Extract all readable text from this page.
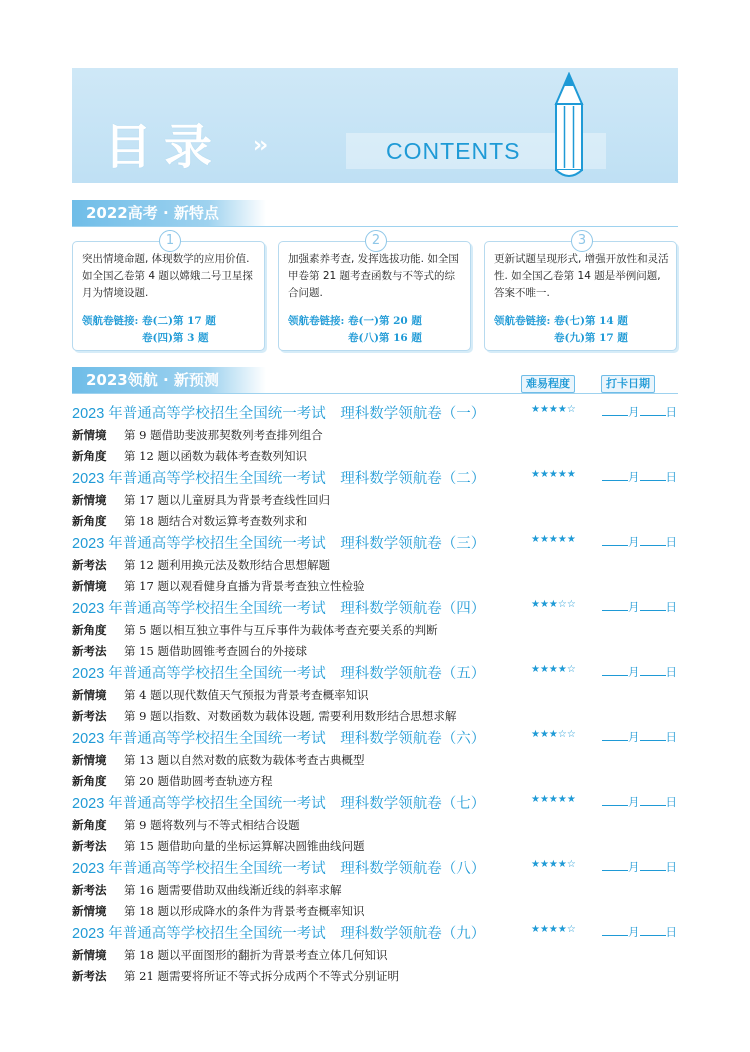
目录 ››	CONTENTS
2022高考 · 新特点
1
突出情境命题, 体现数学的应用价值. 如全国乙卷第 4 题以嫦娥二号卫星探月为情境设题.
领航卷链接: 卷(二)第 17 题
卷(四)第 3 题
2
加强素养考查, 发挥选拔功能. 如全国甲卷第 21 题考查函数与不等式的综合问题.
领航卷链接: 卷(一)第 20 题
卷(八)第 16 题
3
更新试题呈现形式, 增强开放性和灵活性. 如全国乙卷第 14 题是举例问题, 答案不唯一.
领航卷链接: 卷(七)第 14 题
卷(九)第 17 题
2023领航 · 新预测	难易程度	打卡日期
2023 年普通高等学校招生全国统一考试　理科数学领航卷（一）	★★★★☆	月 日
新情境 第 9 题借助斐波那契数列考查排列组合
新角度 第 12 题以函数为载体考查数列知识
2023 年普通高等学校招生全国统一考试　理科数学领航卷（二）	★★★★★	月 日
新情境 第 17 题以儿童厨具为背景考查线性回归
新角度 第 18 题结合对数运算考查数列求和
2023 年普通高等学校招生全国统一考试　理科数学领航卷（三）	★★★★★	月 日
新考法 第 12 题利用换元法及数形结合思想解题
新情境 第 17 题以观看健身直播为背景考查独立性检验
2023 年普通高等学校招生全国统一考试　理科数学领航卷（四）	★★★☆☆	月 日
新角度 第 5 题以相互独立事件与互斥事件为载体考查充要关系的判断
新考法 第 15 题借助圆锥考查圆台的外接球
2023 年普通高等学校招生全国统一考试　理科数学领航卷（五）	★★★★☆	月 日
新情境 第 4 题以现代数值天气预报为背景考查概率知识
新考法 第 9 题以指数、对数函数为载体设题, 需要利用数形结合思想求解
2023 年普通高等学校招生全国统一考试　理科数学领航卷（六）	★★★☆☆	月 日
新情境 第 13 题以自然对数的底数为载体考查古典概型
新角度 第 20 题借助圆考查轨迹方程
2023 年普通高等学校招生全国统一考试　理科数学领航卷（七）	★★★★★	月 日
新角度 第 9 题将数列与不等式相结合设题
新考法 第 15 题借助向量的坐标运算解决圆锥曲线问题
2023 年普通高等学校招生全国统一考试　理科数学领航卷（八）	★★★★☆	月 日
新考法 第 16 题需要借助双曲线渐近线的斜率求解
新情境 第 18 题以形成降水的条件为背景考查概率知识
2023 年普通高等学校招生全国统一考试　理科数学领航卷（九）	★★★★☆	月 日
新情境 第 18 题以平面图形的翻折为背景考查立体几何知识
新考法 第 21 题需要将所证不等式拆分成两个不等式分别证明
